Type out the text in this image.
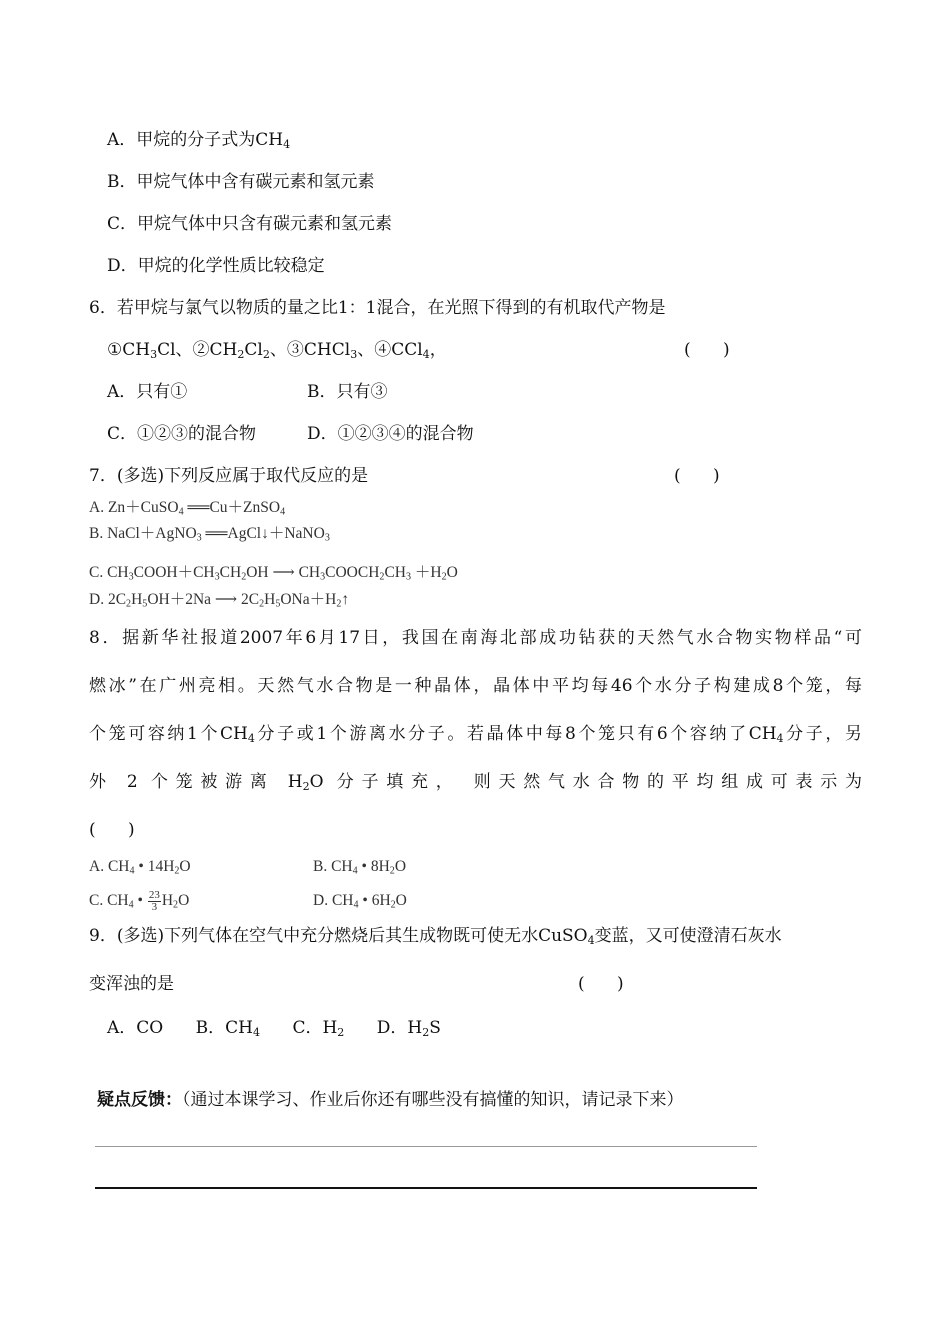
A．甲烷的分子式为$CH_4$
B．甲烷气体中含有碳元素和氢元素
C．甲烷气体中只含有碳元素和氢元素
D．甲烷的化学性质比较稳定
6．若甲烷与氯气以物质的量之比1：1混合，在光照下得到的有机取代产物是
$①CH_3Cl$、$②CH_2Cl_2$、③CHCl$_3$、④CCl$_4$，	(      )
A．只有①	B．只有③
C．①②③的混合物	D．①②③④的混合物
7．(多选)下列反应属于取代反应的是	(      )
A. Zn＋CuSO$_4$ ══Cu＋ZnSO$_4$
B. NaCl＋AgNO$_3$ ══AgCl↓＋NaNO$_3$
C. $CH_3COOH+CH_3CH_2OH$ ⟶ $CH_3COOCH_2CH_3 +H_2O$
D. $2C_2H_5OH+2Na$ ⟶ $2C_2H_5ONa+H_2↑$
8．据新华社报道2007年6月17日，我国在南海北部成功钻获的天然气水合物实物样品“可
燃冰”在广州亮相。天然气水合物是一种晶体，晶体中平均每46个水分子构建成8个笼，每
个笼可容纳1个$CH_4$分子或1个游离水分子。若晶体中每8个笼只有6个容纳了$CH_4$分子，另
外 2 个笼被游离 $H_2O$ 分子填充， 则天然气水合物的平均组成可表示为
(      )
A. $CH_4$ • $14H_2O$	B. $CH_4$ • $8H_2O$
C. $CH_4$ • $\frac{23}{3} H_2O$	D. $CH_4$ • $6H_2O$
9．(多选)下列气体在空气中充分燃烧后其生成物既可使无水CuSO$_4$变蓝，又可使澄清石灰水
变浑浊的是	(      )
A．CO      B．$CH_4$      C．$H_2$      D．$H_2S$
疑点反馈：（通过本课学习、作业后你还有哪些没有搞懂的知识，请记录下来）
